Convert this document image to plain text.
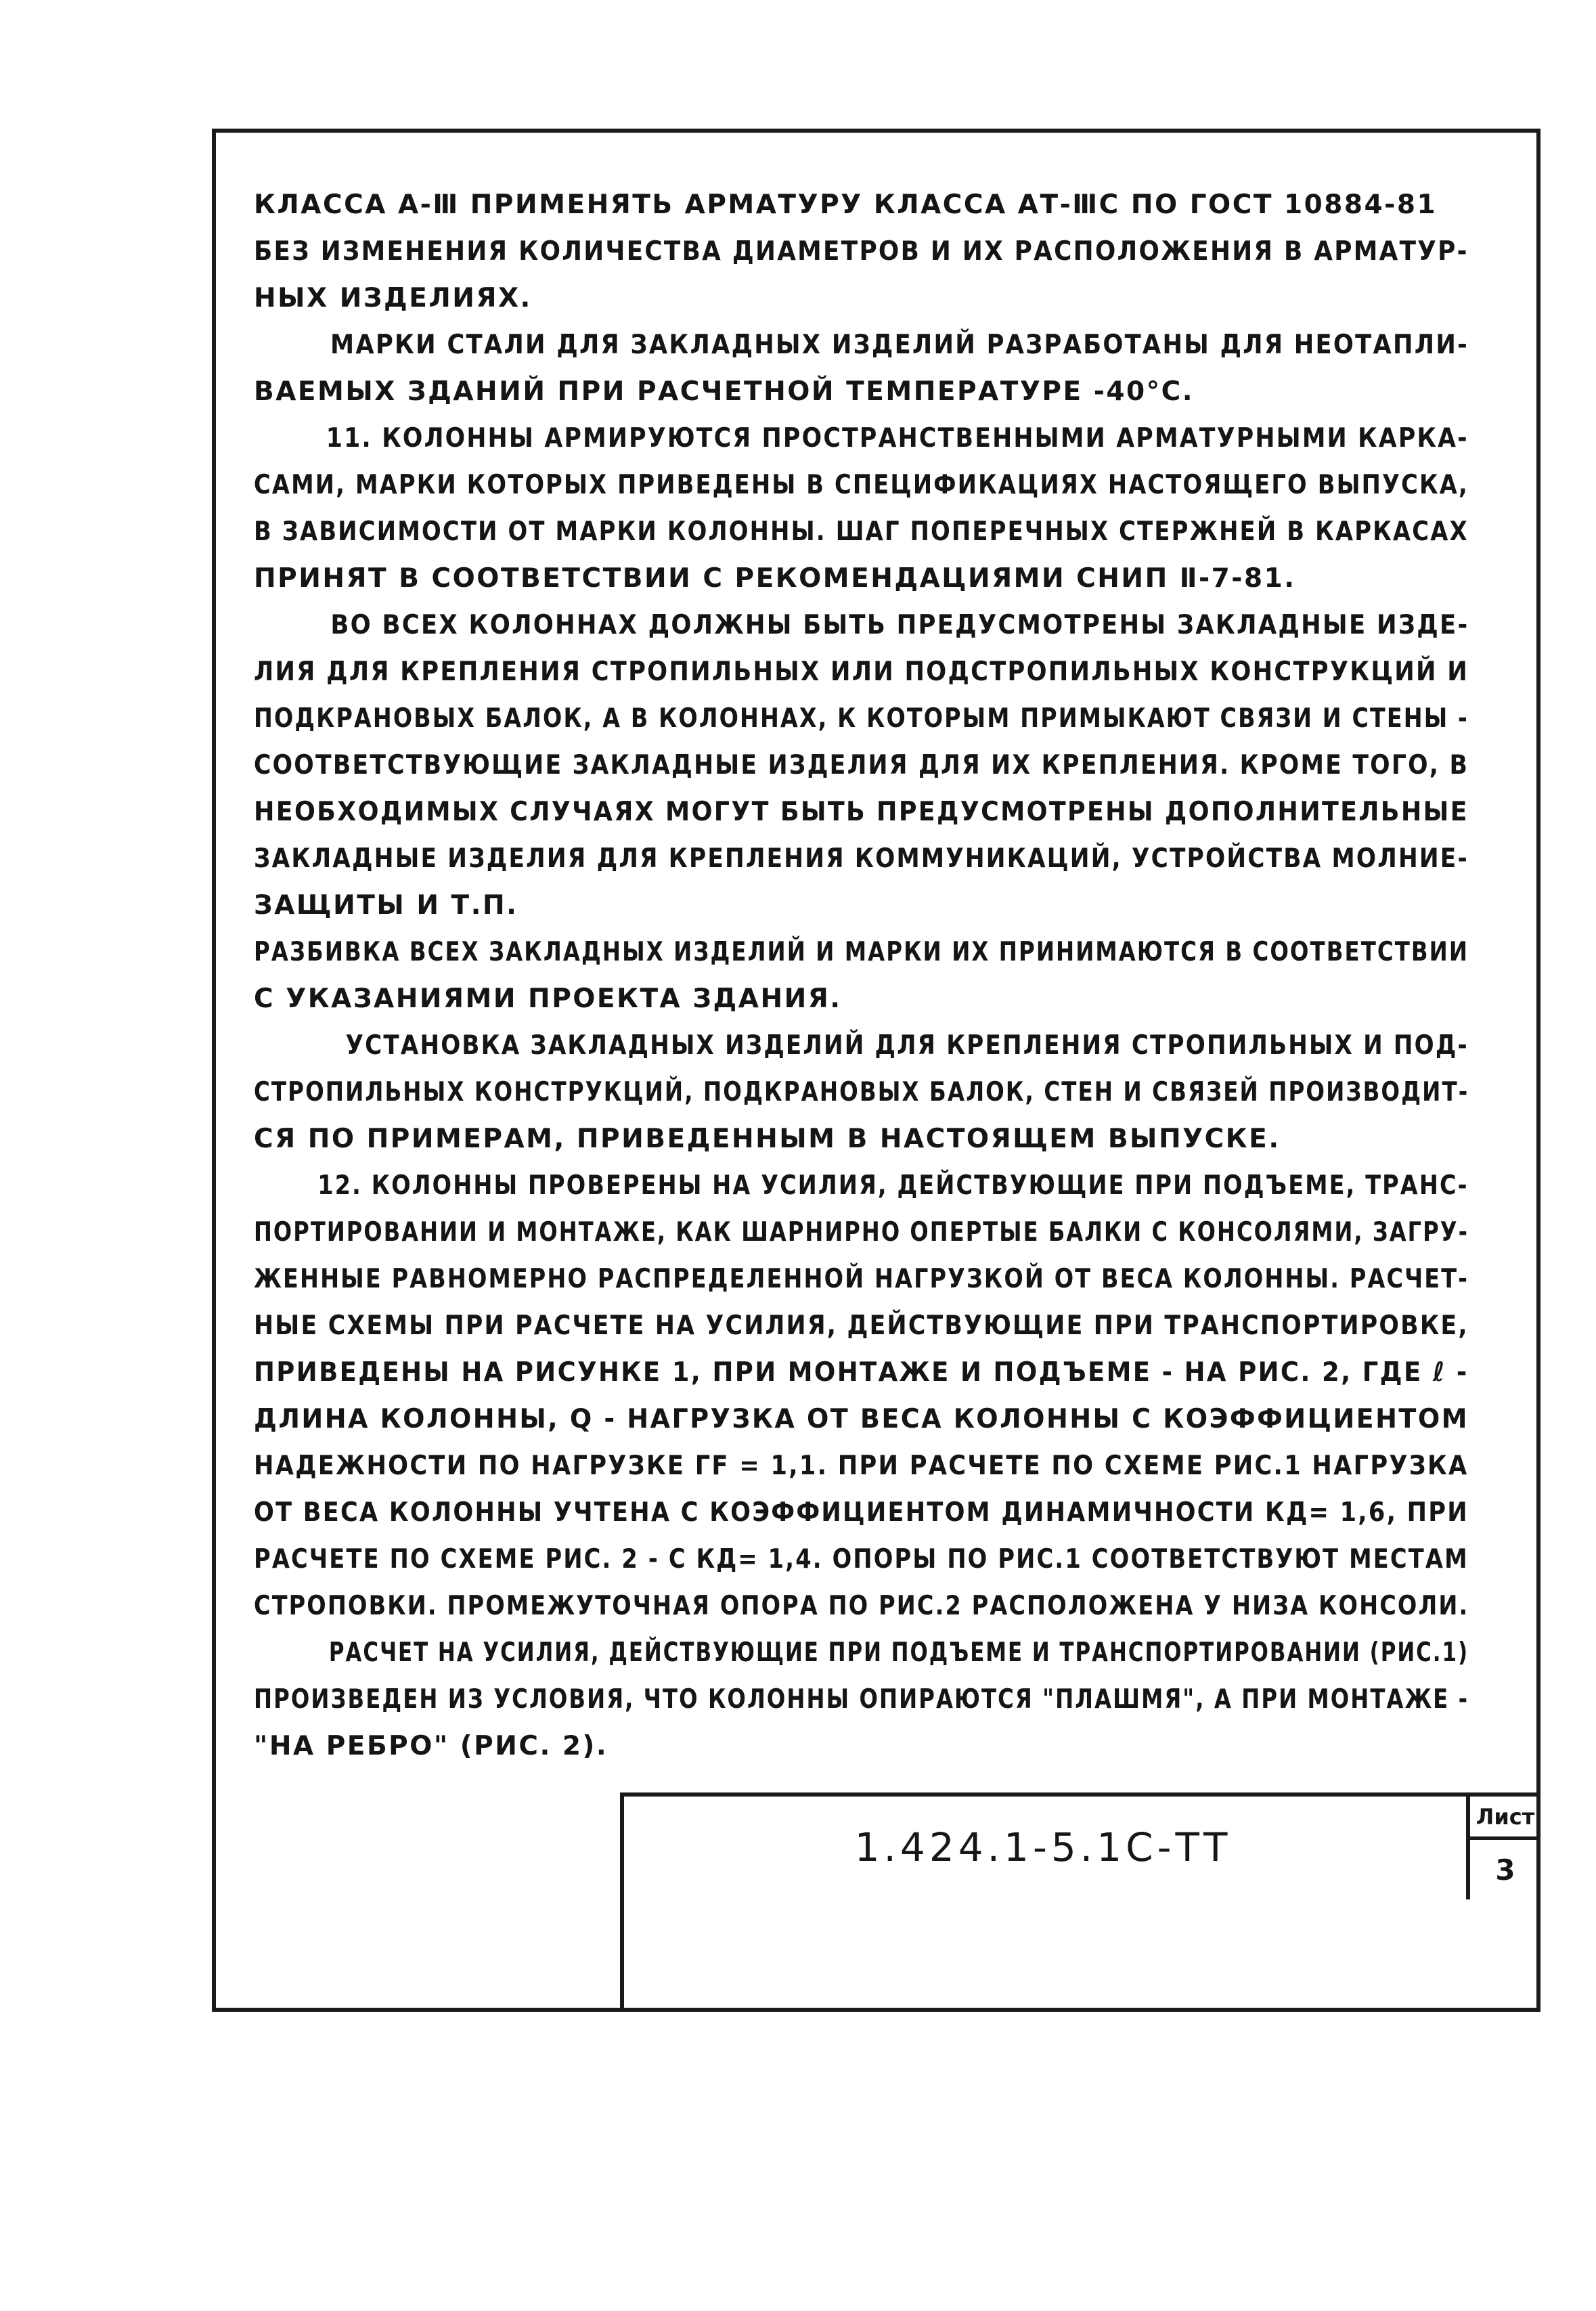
КЛАССА А-Ⅲ ПРИМЕНЯТЬ АРМАТУРУ КЛАССА АТ-ⅢС ПО ГОСТ 10884-81
БЕЗ ИЗМЕНЕНИЯ КОЛИЧЕСТВА ДИАМЕТРОВ И ИХ РАСПОЛОЖЕНИЯ В АРМАТУР-
НЫХ ИЗДЕЛИЯХ.
МАРКИ СТАЛИ ДЛЯ ЗАКЛАДНЫХ ИЗДЕЛИЙ РАЗРАБОТАНЫ ДЛЯ НЕОТАПЛИ-
ВАЕМЫХ ЗДАНИЙ ПРИ РАСЧЕТНОЙ ТЕМПЕРАТУРЕ -40°С.
11. КОЛОННЫ АРМИРУЮТСЯ ПРОСТРАНСТВЕННЫМИ АРМАТУРНЫМИ КАРКА-
САМИ, МАРКИ КОТОРЫХ ПРИВЕДЕНЫ В СПЕЦИФИКАЦИЯХ НАСТОЯЩЕГО ВЫПУСКА,
В ЗАВИСИМОСТИ ОТ МАРКИ КОЛОННЫ. ШАГ ПОПЕРЕЧНЫХ СТЕРЖНЕЙ В КАРКАСАХ
ПРИНЯТ В СООТВЕТСТВИИ С РЕКОМЕНДАЦИЯМИ СНИП Ⅱ-7-81.
ВО ВСЕХ КОЛОННАХ ДОЛЖНЫ БЫТЬ ПРЕДУСМОТРЕНЫ ЗАКЛАДНЫЕ ИЗДЕ-
ЛИЯ ДЛЯ КРЕПЛЕНИЯ СТРОПИЛЬНЫХ ИЛИ ПОДСТРОПИЛЬНЫХ КОНСТРУКЦИЙ И
ПОДКРАНОВЫХ БАЛОК, А В КОЛОННАХ, К КОТОРЫМ ПРИМЫКАЮТ СВЯЗИ И СТЕНЫ -
СООТВЕТСТВУЮЩИЕ ЗАКЛАДНЫЕ ИЗДЕЛИЯ ДЛЯ ИХ КРЕПЛЕНИЯ. КРОМЕ ТОГО, В
НЕОБХОДИМЫХ СЛУЧАЯХ МОГУТ БЫТЬ ПРЕДУСМОТРЕНЫ ДОПОЛНИТЕЛЬНЫЕ
ЗАКЛАДНЫЕ ИЗДЕЛИЯ ДЛЯ КРЕПЛЕНИЯ КОММУНИКАЦИЙ, УСТРОЙСТВА МОЛНИЕ-
ЗАЩИТЫ И Т.П.
РАЗБИВКА ВСЕХ ЗАКЛАДНЫХ ИЗДЕЛИЙ И МАРКИ ИХ ПРИНИМАЮТСЯ В СООТВЕТСТВИИ
С УКАЗАНИЯМИ ПРОЕКТА ЗДАНИЯ.
УСТАНОВКА ЗАКЛАДНЫХ ИЗДЕЛИЙ ДЛЯ КРЕПЛЕНИЯ СТРОПИЛЬНЫХ И ПОД-
СТРОПИЛЬНЫХ КОНСТРУКЦИЙ, ПОДКРАНОВЫХ БАЛОК, СТЕН И СВЯЗЕЙ ПРОИЗВОДИТ-
СЯ ПО ПРИМЕРАМ, ПРИВЕДЕННЫМ В НАСТОЯЩЕМ ВЫПУСКЕ.
12. КОЛОННЫ ПРОВЕРЕНЫ НА УСИЛИЯ, ДЕЙСТВУЮЩИЕ ПРИ ПОДЪЕМЕ, ТРАНС-
ПОРТИРОВАНИИ И МОНТАЖЕ, КАК ШАРНИРНО ОПЕРТЫЕ БАЛКИ С КОНСОЛЯМИ, ЗАГРУ-
ЖЕННЫЕ РАВНОМЕРНО РАСПРЕДЕЛЕННОЙ НАГРУЗКОЙ ОТ ВЕСА КОЛОННЫ. РАСЧЕТ-
НЫЕ СХЕМЫ ПРИ РАСЧЕТЕ НА УСИЛИЯ, ДЕЙСТВУЮЩИЕ ПРИ ТРАНСПОРТИРОВКЕ,
ПРИВЕДЕНЫ НА РИСУНКЕ 1, ПРИ МОНТАЖЕ И ПОДЪЕМЕ - НА РИС. 2, ГДЕ ℓ -
ДЛИНА КОЛОННЫ, Q - НАГРУЗКА ОТ ВЕСА КОЛОННЫ С КОЭФФИЦИЕНТОМ
НАДЕЖНОСТИ ПО НАГРУЗКЕ ΓF = 1,1. ПРИ РАСЧЕТЕ ПО СХЕМЕ РИС.1 НАГРУЗКА
ОТ ВЕСА КОЛОННЫ УЧТЕНА С КОЭФФИЦИЕНТОМ ДИНАМИЧНОСТИ КД= 1,6, ПРИ
РАСЧЕТЕ ПО СХЕМЕ РИС. 2 - С КД= 1,4. ОПОРЫ ПО РИС.1 СООТВЕТСТВУЮТ МЕСТАМ
СТРОПОВКИ. ПРОМЕЖУТОЧНАЯ ОПОРА ПО РИС.2 РАСПОЛОЖЕНА У НИЗА КОНСОЛИ.
РАСЧЕТ НА УСИЛИЯ, ДЕЙСТВУЮЩИЕ ПРИ ПОДЪЕМЕ И ТРАНСПОРТИРОВАНИИ (РИС.1)
ПРОИЗВЕДЕН ИЗ УСЛОВИЯ, ЧТО КОЛОННЫ ОПИРАЮТСЯ "ПЛАШМЯ", А ПРИ МОНТАЖЕ -
"НА РЕБРО" (РИС. 2).
1.424.1-5.1С-ТТ
Лист
3
